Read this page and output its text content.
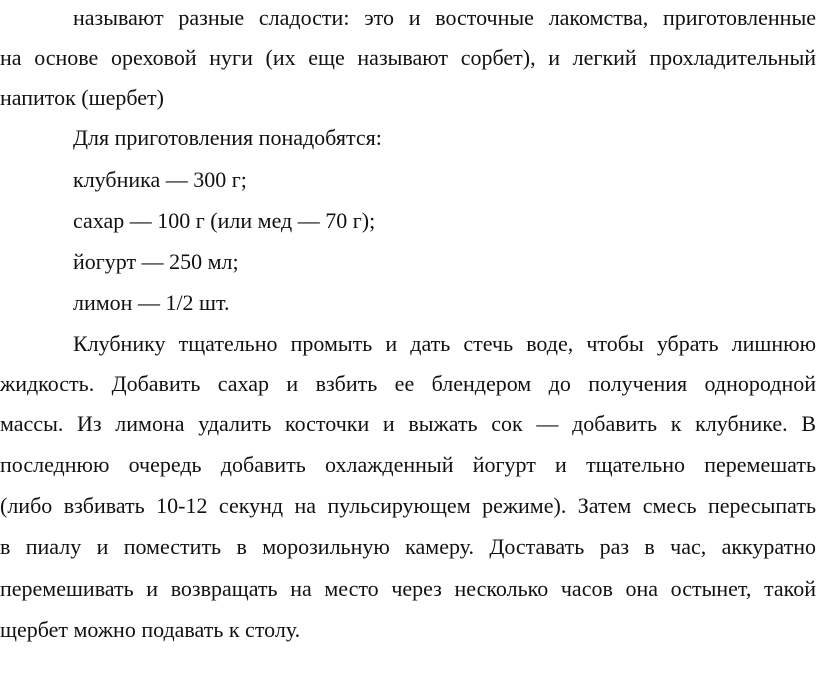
называют разные сладости: это и восточные лакомства, приготовленные
на основе ореховой нуги (их еще называют сорбет), и легкий прохладительный
напиток (шербет)
Для приготовления понадобятся:
клубника — 300 г;
сахар — 100 г (или мед — 70 г);
йогурт — 250 мл;
лимон — 1/2 шт.
Клубнику тщательно промыть и дать стечь воде, чтобы убрать лишнюю
жидкость. Добавить сахар и взбить ее блендером до получения однородной
массы. Из лимона удалить косточки и выжать сок — добавить к клубнике. В
последнюю очередь добавить охлажденный йогурт и тщательно перемешать
(либо взбивать 10-12 секунд на пульсирующем режиме). Затем смесь пересыпать
в пиалу и поместить в морозильную камеру. Доставать раз в час, аккуратно
перемешивать и возвращать на место через несколько часов она остынет, такой
щербет можно подавать к столу.
